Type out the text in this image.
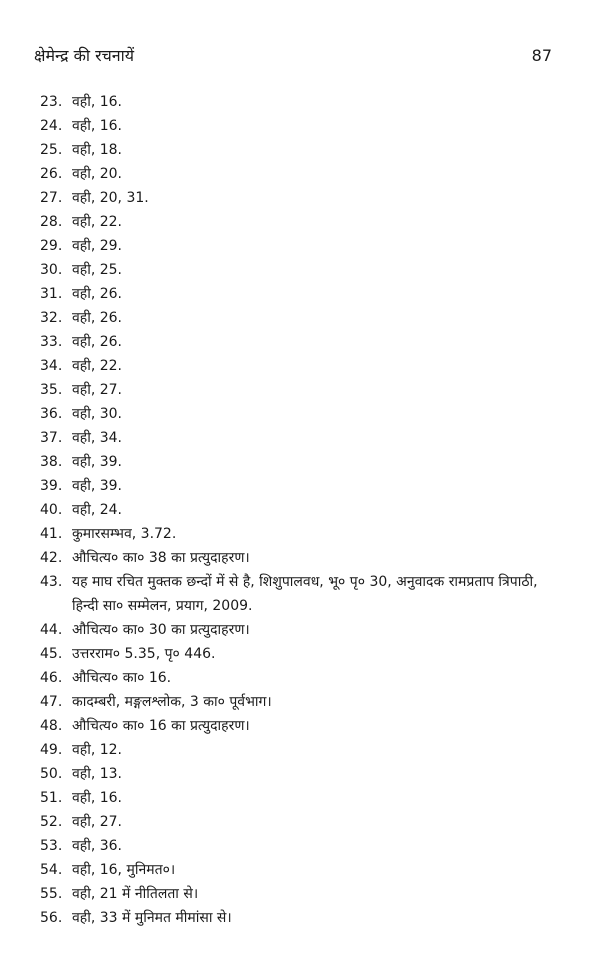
क्षेमेन्द्र की रचनायें	87
23. वही, 16.
24. वही, 16.
25. वही, 18.
26. वही, 20.
27. वही, 20, 31.
28. वही, 22.
29. वही, 29.
30. वही, 25.
31. वही, 26.
32. वही, 26.
33. वही, 26.
34. वही, 22.
35. वही, 27.
36. वही, 30.
37. वही, 34.
38. वही, 39.
39. वही, 39.
40. वही, 24.
41. कुमारसम्भव, 3.72.
42. औचित्य० का० 38 का प्रत्युदाहरण।
43. यह माघ रचित मुक्तक छन्दों में से है, शिशुपालवध, भू० पृ० 30, अनुवादक रामप्रताप त्रिपाठी, हिन्दी सा० सम्मेलन, प्रयाग, 2009.
44. औचित्य० का० 30 का प्रत्युदाहरण।
45. उत्तरराम० 5.35, पृ० 446.
46. औचित्य० का० 16.
47. कादम्बरी, मङ्गलश्लोक, 3 का० पूर्वभाग।
48. औचित्य० का० 16 का प्रत्युदाहरण।
49. वही, 12.
50. वही, 13.
51. वही, 16.
52. वही, 27.
53. वही, 36.
54. वही, 16, मुनिमत०।
55. वही, 21 में नीतिलता से।
56. वही, 33 में मुनिमत मीमांसा से।
